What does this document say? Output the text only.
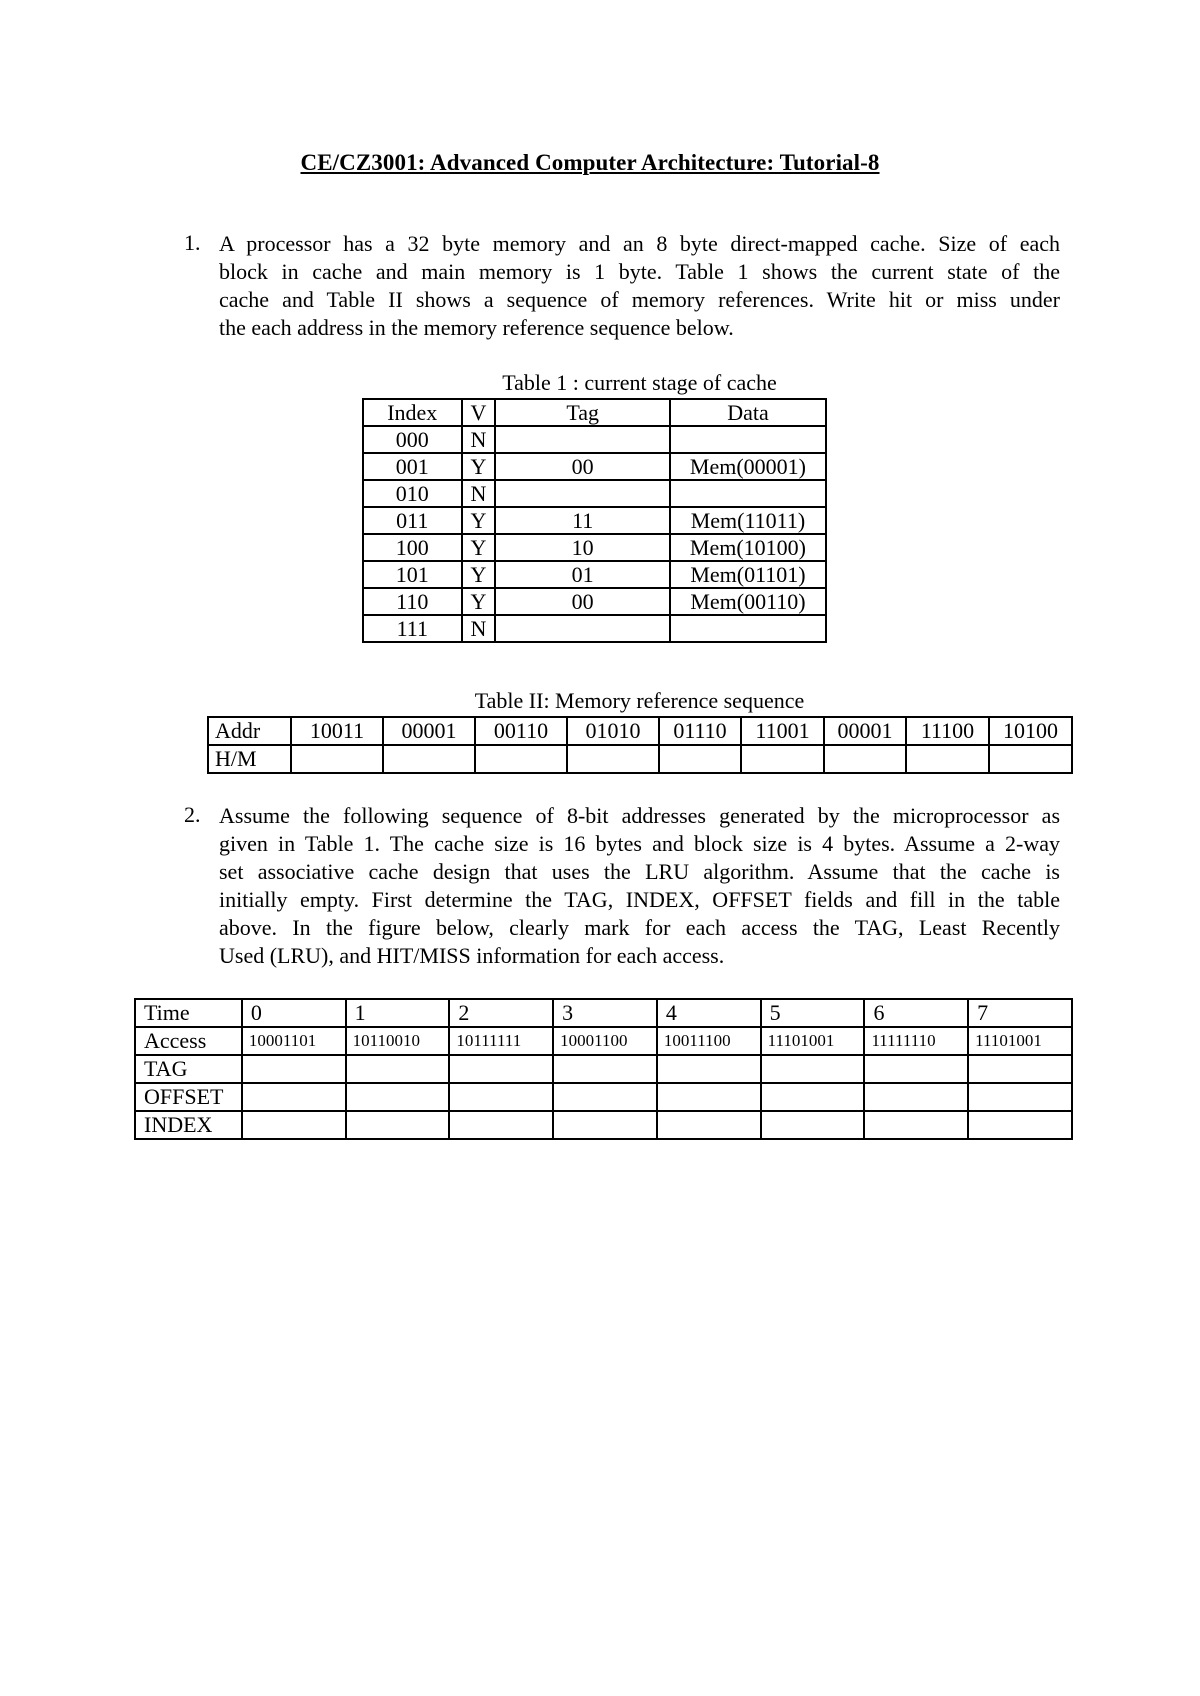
CE/CZ3001: Advanced Computer Architecture: Tutorial-8
1. A processor has a 32 byte memory and an 8 byte direct-mapped cache. Size of each
block in cache and main memory is 1 byte. Table 1 shows the current state of the
cache and Table II shows a sequence of memory references. Write hit or miss under
the each address in the memory reference sequence below.
Table 1 : current stage of cache
Index	V	Tag	Data
000	N		
001	Y	00	Mem(00001)
010	N		
011	Y	11	Mem(11011)
100	Y	10	Mem(10100)
101	Y	01	Mem(01101)
110	Y	00	Mem(00110)
111	N		
Table II: Memory reference sequence
Addr	10011	00001	00110	01010	01110	11001	00001	11100	10100
H/M									
2. Assume the following sequence of 8-bit addresses generated by the microprocessor as
given in Table 1. The cache size is 16 bytes and block size is 4 bytes. Assume a 2-way
set associative cache design that uses the LRU algorithm. Assume that the cache is
initially empty. First determine the TAG, INDEX, OFFSET fields and fill in the table
above. In the figure below, clearly mark for each access the TAG, Least Recently
Used (LRU), and HIT/MISS information for each access.
Time	0	1	2	3	4	5	6	7
Access	10001101	10110010	10111111	10001100	10011100	11101001	11111110	11101001
TAG								
OFFSET								
INDEX								
